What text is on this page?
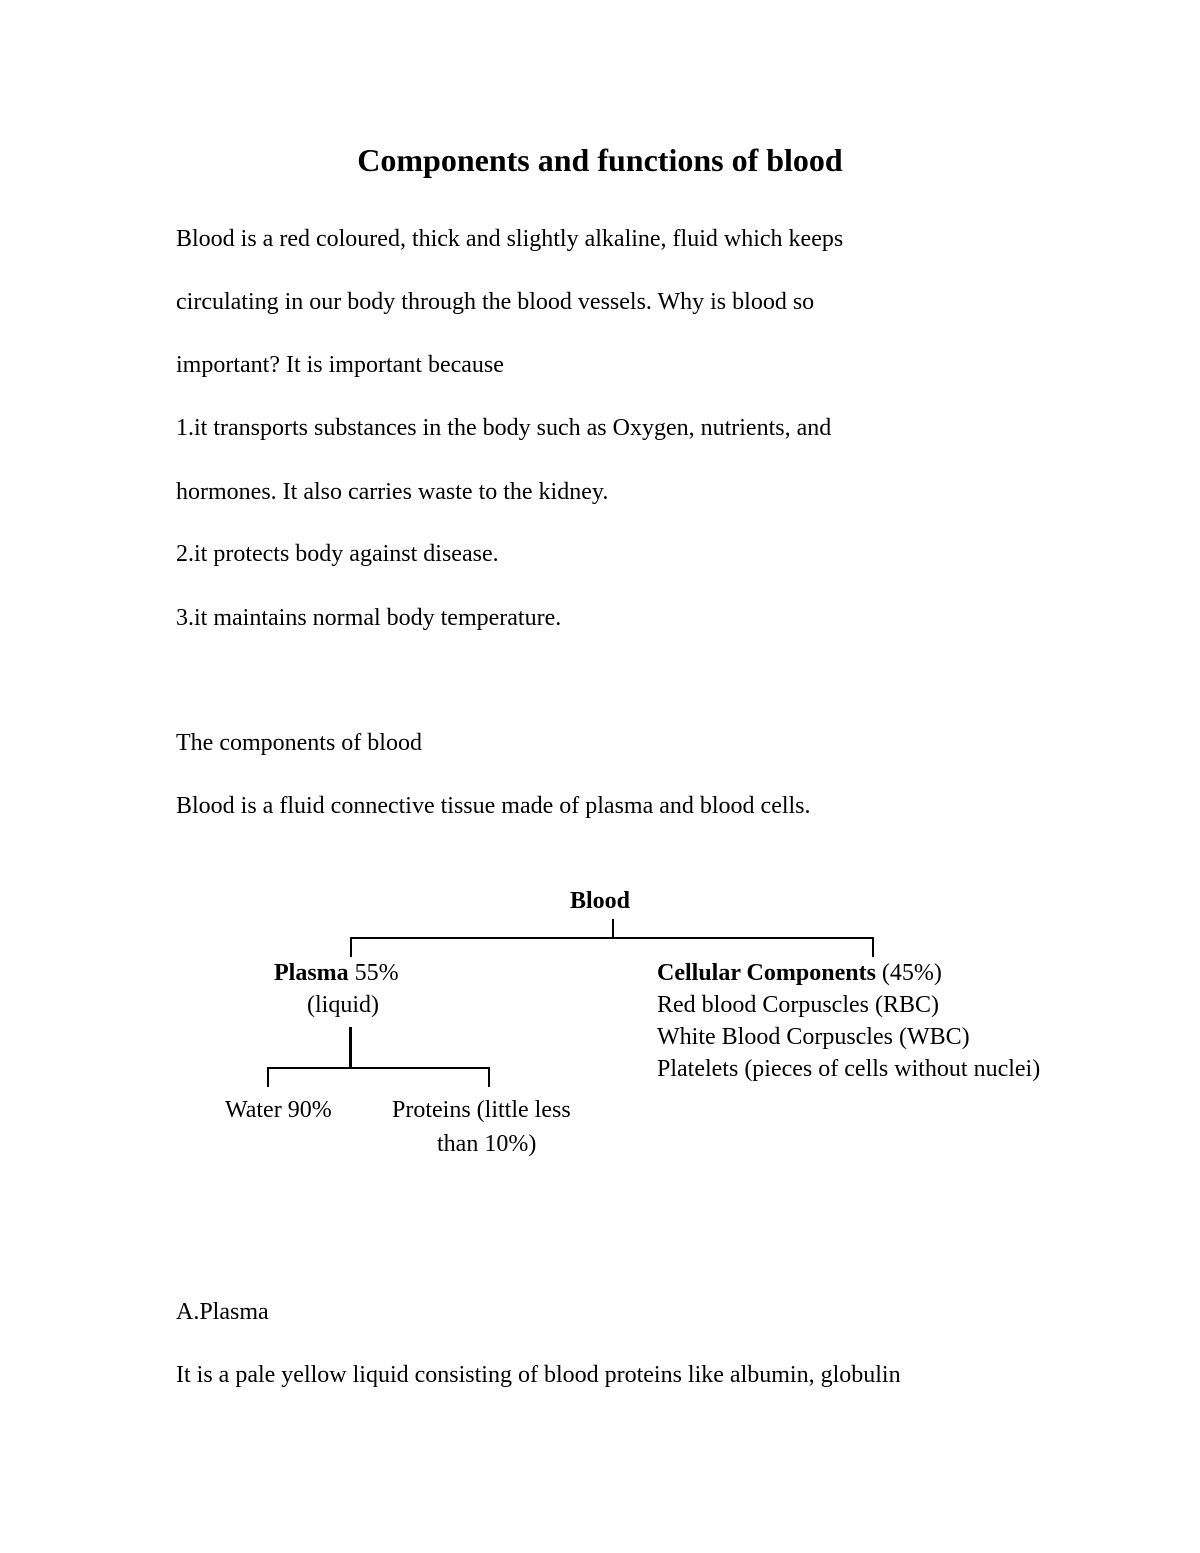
Components and functions of blood

Blood is a red coloured, thick and slightly alkaline, fluid which keeps

circulating in our body through the blood vessels. Why is blood so

important? It is important because

1.it transports substances in the body such as Oxygen, nutrients, and

hormones. It also carries waste to the kidney.

2.it protects body against disease.

3.it maintains normal body temperature.

The components of blood

Blood is a fluid connective tissue made of plasma and blood cells.

Blood
Plasma 55%
(liquid)
Water 90%	Proteins (little less
than 10%)
Cellular Components (45%)
Red blood Corpuscles (RBC)
White Blood Corpuscles (WBC)
Platelets (pieces of cells without nuclei)

A.Plasma

It is a pale yellow liquid consisting of blood proteins like albumin, globulin
